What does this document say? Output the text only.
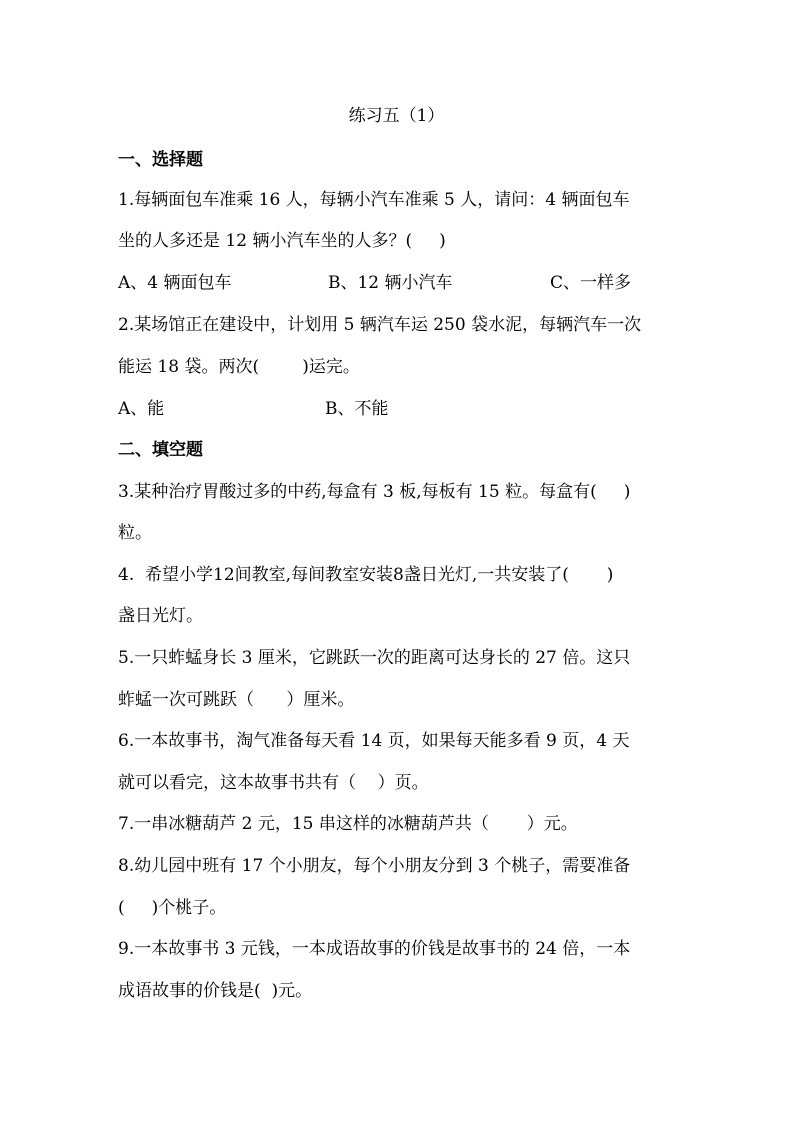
练习五（1）
一、选择题
1.每辆面包车准乘 16 人，每辆小汽车准乘 5 人，请问：4 辆面包车
坐的人多还是 12 辆小汽车坐的人多？(     )
A、4 辆面包车	B、12 辆小汽车	C、一样多
2.某场馆正在建设中，计划用 5 辆汽车运 250 袋水泥，每辆汽车一次
能运 18 袋。两次(        )运完。
A、能	B、不能
二、填空题
3.某种治疗胃酸过多的中药,每盒有 3 板,每板有 15 粒。每盒有(     )
粒。
4.  希望小学12间教室,每间教室安装8盏日光灯,一共安装了(       )
盏日光灯。
5.一只蚱蜢身长 3 厘米，它跳跃一次的距离可达身长的 27 倍。这只
蚱蜢一次可跳跃（      ）厘米。
6.一本故事书，淘气准备每天看 14 页，如果每天能多看 9 页，4 天
就可以看完，这本故事书共有（    ）页。
7.一串冰糖葫芦 2 元，15 串这样的冰糖葫芦共（       ）元。
8.幼儿园中班有 17 个小朋友，每个小朋友分到 3 个桃子，需要准备
(     )个桃子。
9.一本故事书 3 元钱，一本成语故事的价钱是故事书的 24 倍，一本
成语故事的价钱是(  )元。
